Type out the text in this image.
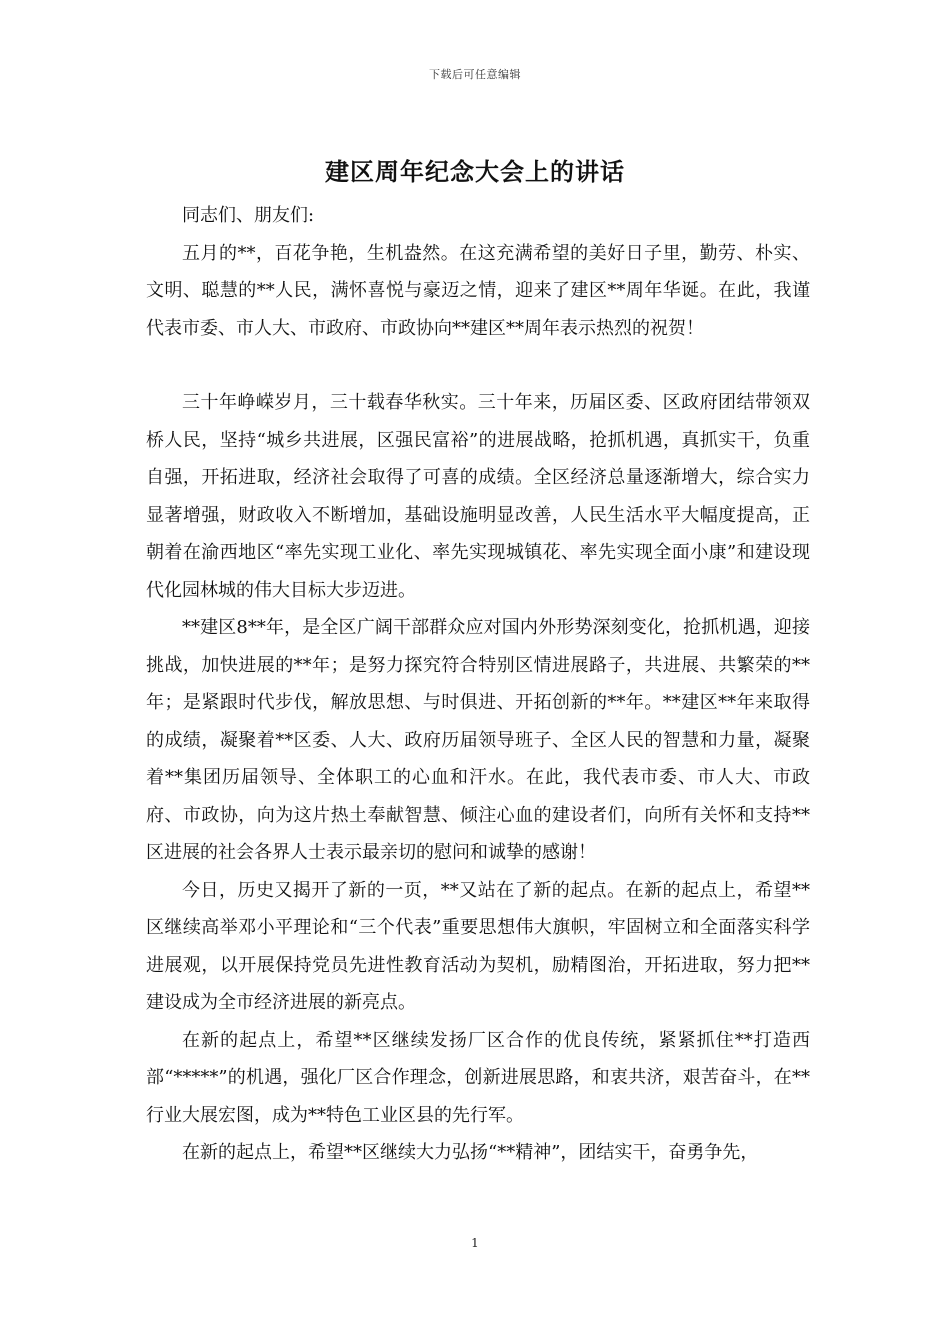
下载后可任意编辑
建区周年纪念大会上的讲话

同志们、朋友们:

五月的**，百花争艳，生机盎然。在这充满希望的美好日子里，勤劳、朴实、文明、聪慧的**人民，满怀喜悦与豪迈之情，迎来了建区**周年华诞。在此，我谨代表市委、市人大、市政府、市政协向**建区**周年表示热烈的祝贺！

三十年峥嵘岁月，三十载春华秋实。三十年来，历届区委、区政府团结带领双桥人民，坚持“城乡共进展，区强民富裕”的进展战略，抢抓机遇，真抓实干，负重自强，开拓进取，经济社会取得了可喜的成绩。全区经济总量逐渐增大，综合实力显著增强，财政收入不断增加，基础设施明显改善，人民生活水平大幅度提高，正朝着在渝西地区“率先实现工业化、率先实现城镇花、率先实现全面小康”和建设现代化园林城的伟大目标大步迈进。

**建区8**年，是全区广阔干部群众应对国内外形势深刻变化，抢抓机遇，迎接挑战，加快进展的**年；是努力探究符合特别区情进展路子，共进展、共繁荣的**年；是紧跟时代步伐，解放思想、与时俱进、开拓创新的**年。**建区**年来取得的成绩，凝聚着**区委、人大、政府历届领导班子、全区人民的智慧和力量，凝聚着**集团历届领导、全体职工的心血和汗水。在此，我代表市委、市人大、市政府、市政协，向为这片热土奉献智慧、倾注心血的建设者们，向所有关怀和支持**区进展的社会各界人士表示最亲切的慰问和诚挚的感谢！

今日，历史又揭开了新的一页，**又站在了新的起点。在新的起点上，希望**区继续高举邓小平理论和“三个代表”重要思想伟大旗帜，牢固树立和全面落实科学进展观，以开展保持党员先进性教育活动为契机，励精图治，开拓进取，努力把**建设成为全市经济进展的新亮点。

在新的起点上，希望**区继续发扬厂区合作的优良传统，紧紧抓住**打造西部“*****”的机遇，强化厂区合作理念，创新进展思路，和衷共济，艰苦奋斗，在**行业大展宏图，成为**特色工业区县的先行军。

在新的起点上，希望**区继续大力弘扬“**精神”，团结实干，奋勇争先，

1
